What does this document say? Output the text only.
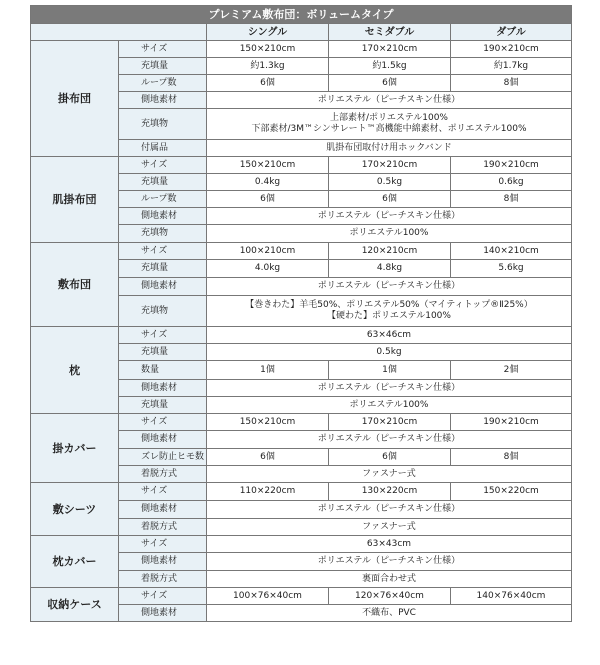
プレミアム敷布団：ボリュームタイプ				
		シングル	セミダブル	ダブル
掛布団	サイズ	150×210cm	170×210cm	190×210cm
	充填量	約1.3kg	約1.5kg	約1.7kg
	ループ数	6個	6個	8個
	側地素材	ポリエステル（ピーチスキン仕様）		
	充填物	上部素材/ポリエステル100%
下部素材/3M™シンサレート™高機能中綿素材、ポリエステル100%		

	付属品	肌掛布団取付け用ホックバンド		
肌掛布団	サイズ	150×210cm	170×210cm	190×210cm
	充填量	0.4kg	0.5kg	0.6kg
	ループ数	6個	6個	8個
	側地素材	ポリエステル（ピーチスキン仕様）		
	充填物	ポリエステル100%		
敷布団	サイズ	100×210cm	120×210cm	140×210cm
	充填量	4.0kg	4.8kg	5.6kg
	側地素材	ポリエステル（ピーチスキン仕様）		
	充填物	【巻きわた】羊毛50%、ポリエステル50%（マイティトップ®Ⅱ25%）
【硬わた】ポリエステル100%		

枕	サイズ	63×46cm		
	充填量	0.5kg		
	数量	1個	1個	2個
	側地素材	ポリエステル（ピーチスキン仕様）		
	充填量	ポリエステル100%		
掛カバー	サイズ	150×210cm	170×210cm	190×210cm
	側地素材	ポリエステル（ピーチスキン仕様）		
	ズレ防止ヒモ数	6個	6個	8個
	着脱方式	ファスナー式		
敷シーツ	サイズ	110×220cm	130×220cm	150×220cm
	側地素材	ポリエステル（ピーチスキン仕様）		
	着脱方式	ファスナー式		
枕カバー	サイズ	63×43cm		
	側地素材	ポリエステル（ピーチスキン仕様）		
	着脱方式	裏面合わせ式		
収納ケース	サイズ	100×76×40cm	120×76×40cm	140×76×40cm
	側地素材	不織布、PVC		
